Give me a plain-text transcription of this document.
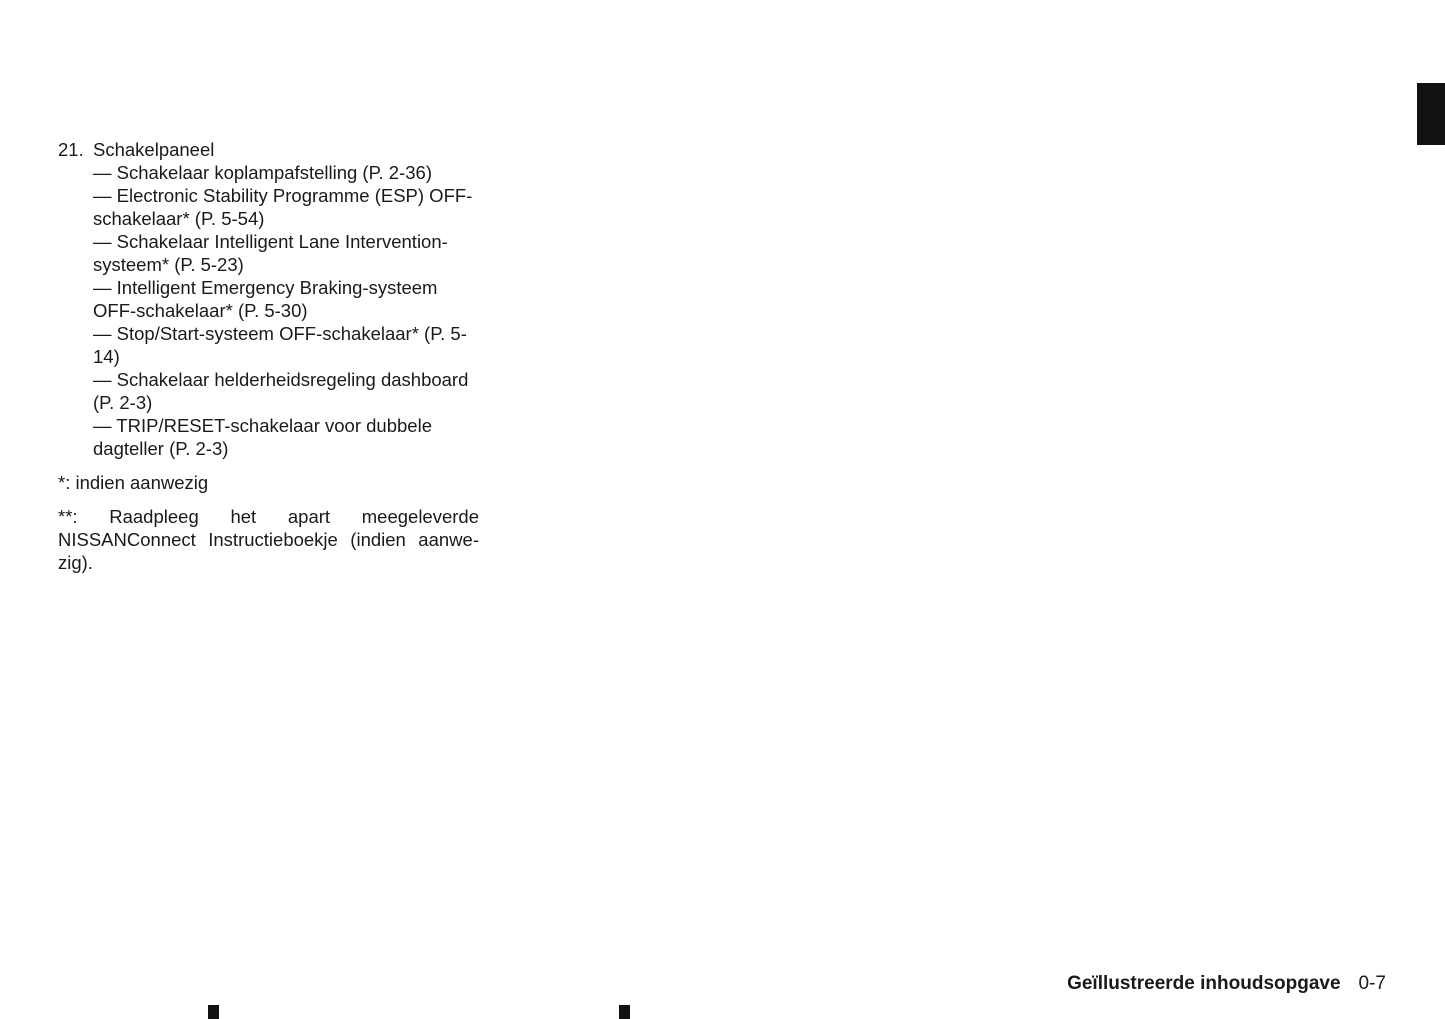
21. Schakelpaneel
— Schakelaar koplampafstelling (P. 2-36)
— Electronic Stability Programme (ESP) OFF-schakelaar* (P. 5-54)
— Schakelaar Intelligent Lane Intervention-systeem* (P. 5-23)
— Intelligent Emergency Braking-systeem OFF-schakelaar* (P. 5-30)
— Stop/Start-systeem OFF-schakelaar* (P. 5-14)
— Schakelaar helderheidsregeling dashboard (P. 2-3)
— TRIP/RESET-schakelaar voor dubbele dagteller (P. 2-3)
*: indien aanwezig
**: Raadpleeg het apart meegeleverde NISSANConnect Instructieboekje (indien aanwe-zig).
Geïllustreerde inhoudsopgave 0-7
